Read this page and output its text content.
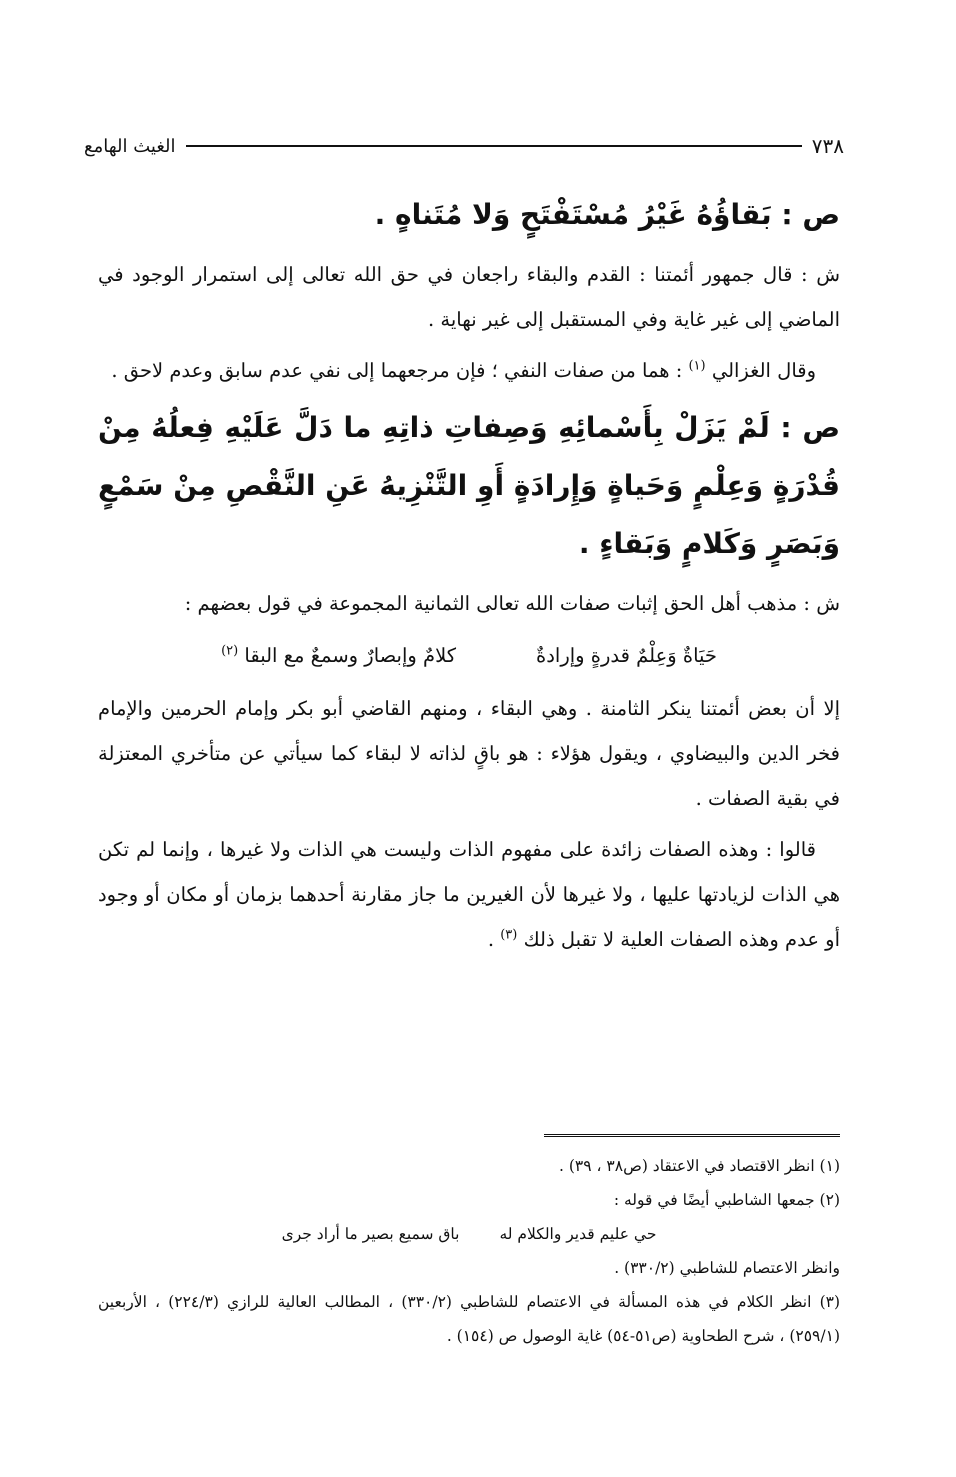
٧٣٨
الغيث الهامع

ص : بَقاؤُهُ غَيْرُ مُسْتَفْتَحٍ وَلا مُتَناهٍ .

ش : قال جمهور أئمتنا : القدم والبقاء راجعان في حق الله تعالى إلى استمرار الوجود في الماضي إلى غير غاية وفي المستقبل إلى غير نهاية .

وقال الغزالي $^{(١)}$ : هما من صفات النفي ؛ فإن مرجعهما إلى نفي عدم سابق وعدم لاحق .

ص : لَمْ يَزَلْ بِأَسْمائِهِ وَصِفاتِ ذاتِهِ ما دَلَّ عَلَيْهِ فِعلُهُ مِنْ قُدْرَةٍ وَعِلْمٍ وَحَياةٍ وَإِرادَةٍ أَوِ التَّنْزِيهُ عَنِ النَّقْصِ مِنْ سَمْعٍ وَبَصَرٍ وَكَلامٍ وَبَقاءٍ .

ش : مذهب أهل الحق إثبات صفات الله تعالى الثمانية المجموعة في قول بعضهم :

حَيَاةٌ وَعِلْمٌ قدرةٍ وإرادةٌ
كلامٌ وإبصارٌ وسمعٌ مع البقا $^{(٢)}$

إلا أن بعض أئمتنا ينكر الثامنة . وهي البقاء ، ومنهم القاضي أبو بكر وإمام الحرمين والإمام فخر الدين والبيضاوي ، ويقول هؤلاء : هو باقٍ لذاته لا لبقاء كما سيأتي عن متأخري المعتزلة في بقية الصفات .

قالوا : وهذه الصفات زائدة على مفهوم الذات وليست هي الذات ولا غيرها ، وإنما لم تكن هي الذات لزيادتها عليها ، ولا غيرها لأن الغيرين ما جاز مقارنة أحدهما بزمان أو مكان أو وجود أو عدم وهذه الصفات العلية لا تقبل ذلك $^{(٣)}$ .

(١) انظر الاقتصاد في الاعتقاد (ص٣٨ ، ٣٩) .

(٢) جمعها الشاطبي أيضًا في قوله :

حي عليم قدير والكلام له
باق سميع بصير ما أراد جرى

وانظر الاعتصام للشاطبي (٣٣٠/٢) .

(٣) انظر الكلام في هذه المسألة في الاعتصام للشاطبي (٣٣٠/٢) ، المطالب العالية للرازي (٢٢٤/٣) ، الأربعين (٢٥٩/١) ، شرح الطحاوية (ص٥١-٥٤) غاية الوصول ص (١٥٤) .
